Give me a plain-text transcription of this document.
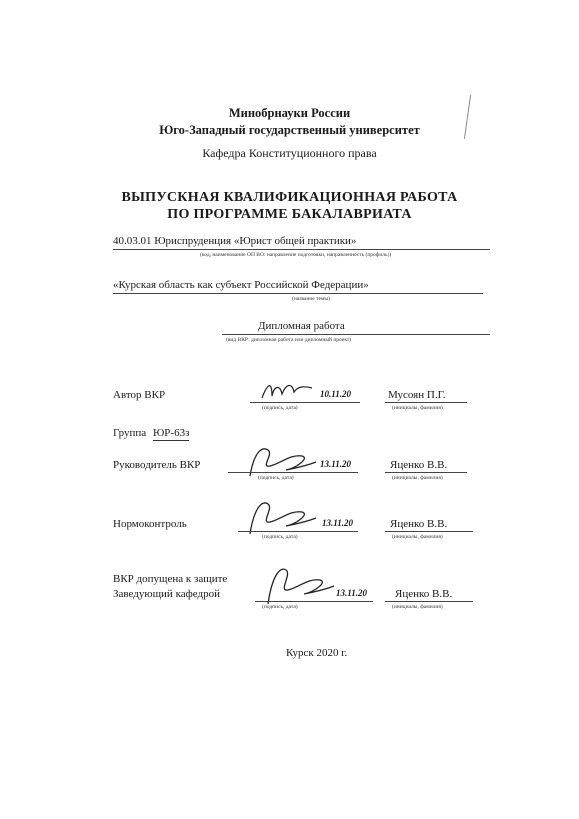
Минобрнауки России
Юго-Западный государственный университет
Кафедра Конституционного права
ВЫПУСКНАЯ КВАЛИФИКАЦИОННАЯ РАБОТА
ПО ПРОГРАММЕ БАКАЛАВРИАТА
40.03.01 Юриспруденция «Юрист общей практики»
(код, наименование ОП ВО: направление подготовки, направленность (профиль))
«Курская область как субъект Российской Федерации»
(название темы)
Дипломная работа
(вид ВКР: дипломная работа или дипломный проект)
Автор ВКР	10.11.20
(подпись, дата)
Мусоян П.Г.
(инициалы, фамилия)
Группа ЮР-63з
Руководитель ВКР	13.11.20
(подпись, дата)
Яценко В.В.
(инициалы, фамилия)
Нормоконтроль	13.11.20
(подпись, дата)
Яценко В.В.
(инициалы, фамилия)
ВКР допущена к защите
Заведующий кафедрой	13.11.20
(подпись, дата)
Яценко В.В.
(инициалы, фамилия)
Курск 2020 г.
